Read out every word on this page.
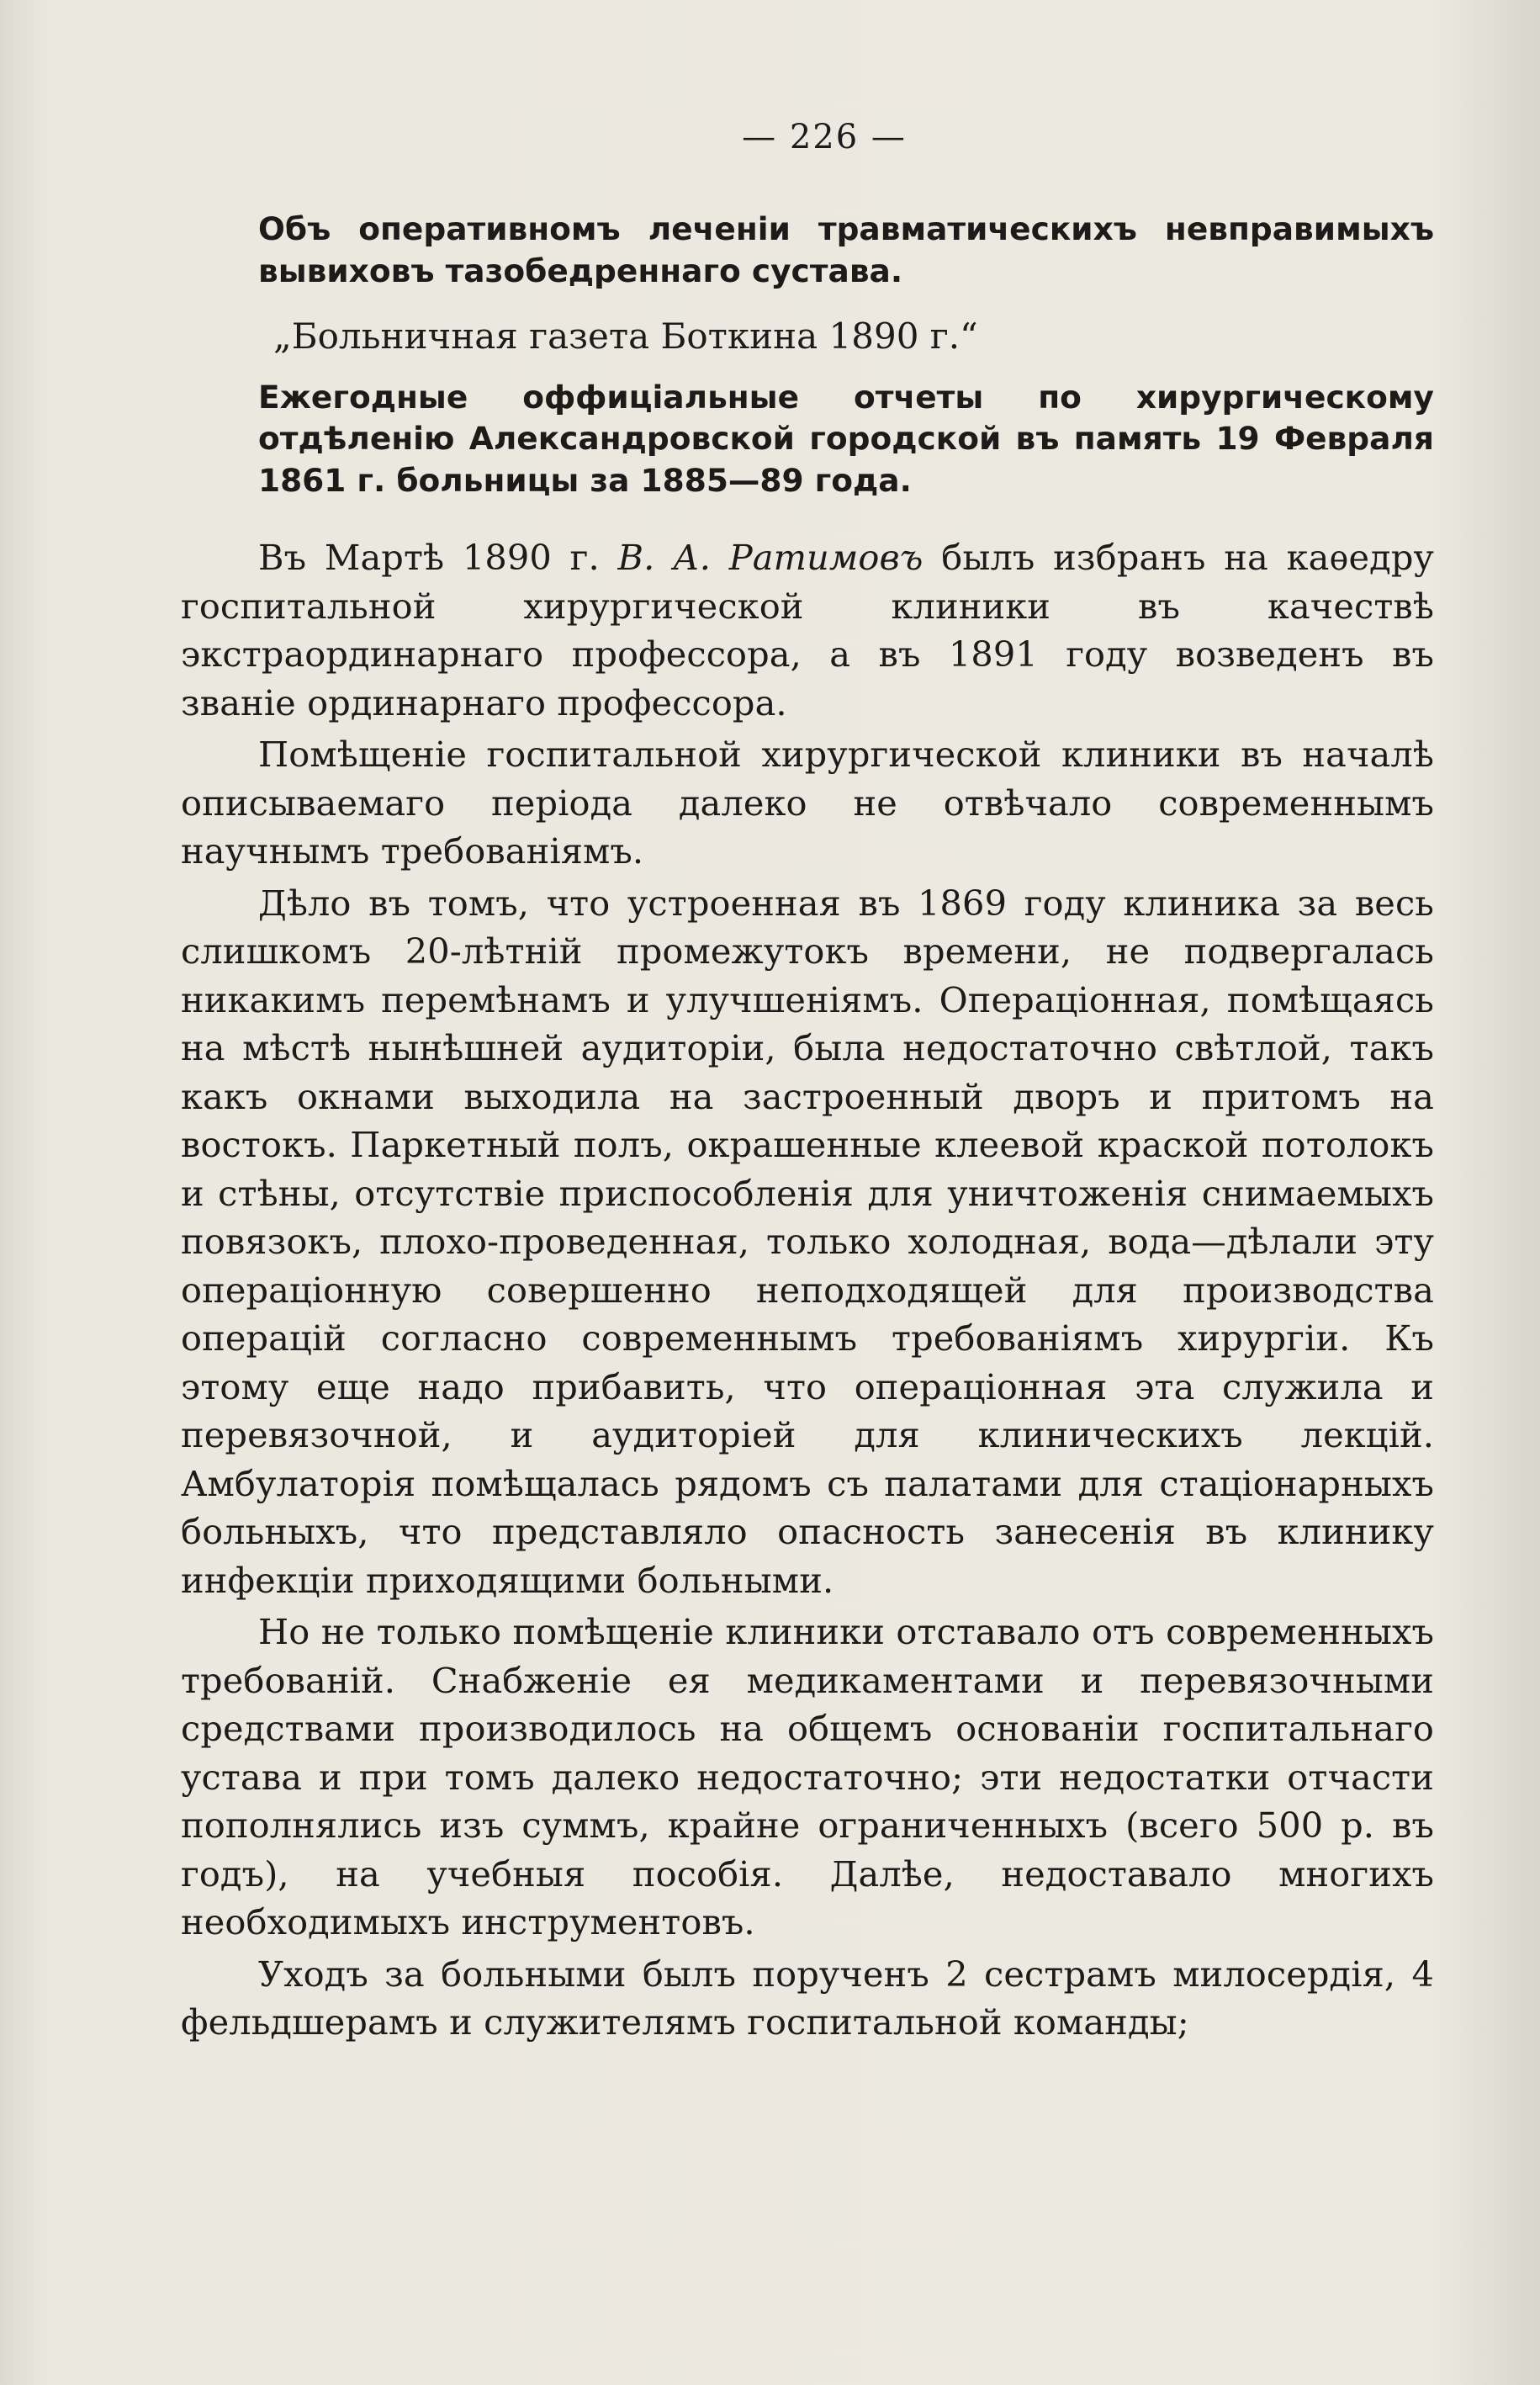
— 226 —

Объ оперативномъ леченіи травматическихъ невправимыхъ вывиховъ тазобедреннаго сустава.

„Больничная газета Боткина 1890 г.“

Ежегодные оффиціальные отчеты по хирургическому отдѣленію Александровской городской въ память 19 Февраля 1861 г. больницы за 1885—89 года.

Въ Мартѣ 1890 г. В. А. Ратимовъ былъ избранъ на каѳедру госпитальной хирургической клиники въ качествѣ экстраординарнаго профессора, а въ 1891 году возведенъ въ званіе ординарнаго профессора.

Помѣщеніе госпитальной хирургической клиники въ началѣ описываемаго періода далеко не отвѣчало современнымъ научнымъ требованіямъ.

Дѣло въ томъ, что устроенная въ 1869 году клиника за весь слишкомъ 20-лѣтній промежутокъ времени, не подвергалась никакимъ перемѣнамъ и улучшеніямъ. Операціонная, помѣщаясь на мѣстѣ нынѣшней аудиторіи, была недостаточно свѣтлой, такъ какъ окнами выходила на застроенный дворъ и притомъ на востокъ. Паркетный полъ, окрашенные клеевой краской потолокъ и стѣны, отсутствіе приспособленія для уничтоженія снимаемыхъ повязокъ, плохо-проведенная, только холодная, вода—дѣлали эту операціонную совершенно неподходящей для производства операцій согласно современнымъ требованіямъ хирургіи. Къ этому еще надо прибавить, что операціонная эта служила и перевязочной, и аудиторіей для клиническихъ лекцій. Амбулаторія помѣщалась рядомъ съ палатами для стаціонарныхъ больныхъ, что представляло опасность занесенія въ клинику инфекціи приходящими больными.

Но не только помѣщеніе клиники отставало отъ современныхъ требованій. Снабженіе ея медикаментами и перевязочными средствами производилось на общемъ основаніи госпитальнаго устава и при томъ далеко недостаточно; эти недостатки отчасти пополнялись изъ суммъ, крайне ограниченныхъ (всего 500 р. въ годъ), на учебныя пособія. Далѣе, недоставало многихъ необходимыхъ инструментовъ.

Уходъ за больными былъ порученъ 2 сестрамъ милосердія, 4 фельдшерамъ и служителямъ госпитальной команды;
